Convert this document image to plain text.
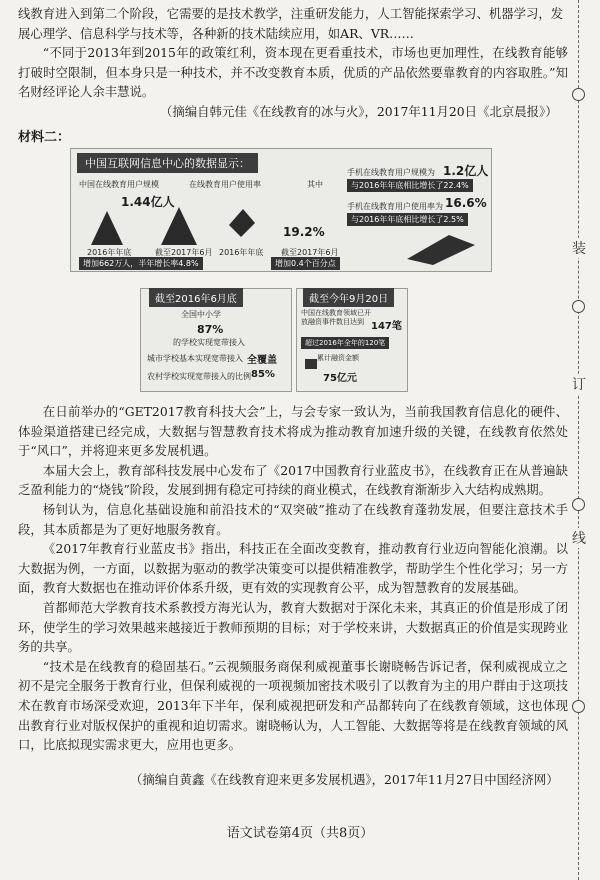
装
订
线

线教育进入到第二个阶段，它需要的是技术教学，注重研发能力，人工智能探索学习、机器学习，发

展心理学、信息科学与技术等，各种新的技术陆续应用，如AR、VR……

“不同于2013年到2015年的政策红利，资本现在更看重技术，市场也更加理性，在线教育能够打破时空限制，但本身只是一种技术，并不改变教育本质，优质的产品依然要靠教育的内容取胜。”知名财经评论人余丰慧说。

（摘编自韩元佳《在线教育的冰与火》，2017年11月20日《北京晨报》）
材料二：
中国互联网信息中心的数据显示：
中国在线教育用户规模
1.44亿人
2016年年底	截至2017年6月
增加662万人，半年增长率4.8%
在线教育用户使用率	其中
19.2%
2016年年底 截至2017年6月
增加0.4个百分点
手机在线教育用户规模为 1.2亿人
与2016年年底相比增长了22.4%
手机在线教育用户使用率为 16.6%
与2016年年底相比增长了2.5%
截至2016年6月底
全国中小学
87%
的学校实现宽带接入
城市学校基本实现宽带接入 全覆盖
农村学校实现宽带接入的比例 85%
截至今年9月20日
中国在线教育领域已开放融资事件数目达到 147笔
超过2016年全年的120笔
累计融资金额
75亿元

在日前举办的“GET2017教育科技大会”上，与会专家一致认为，当前我国教育信息化的硬件、体验渠道搭建已经完成，大数据与智慧教育技术将成为推动教育加速升级的关键，在线教育依然处于“风口”，并将迎来更多发展机遇。

本届大会上，教育部科技发展中心发布了《2017中国教育行业蓝皮书》，在线教育正在从普遍缺乏盈利能力的“烧钱”阶段，发展到拥有稳定可持续的商业模式，在线教育渐渐步入大结构成熟期。

杨钊认为，信息化基础设施和前沿技术的“双突破”推动了在线教育蓬勃发展，但要注意技术手段，其本质都是为了更好地服务教育。

《2017年教育行业蓝皮书》指出，科技正在全面改变教育，推动教育行业迈向智能化浪潮。以大数据为例，一方面，以数据为驱动的教学决策变可以提供精准教学，帮助学生个性化学习；另一方面，教育大数据也在推动评价体系升级，更有效的实现教育公平，成为智慧教育的发展基础。

首都师范大学教育技术系教授方海光认为，教育大数据对于深化未来，其真正的价值是形成了闭环，使学生的学习效果越来越接近于教师预期的目标；对于学校来讲，大数据真正的价值是实现跨业务的共享。

“技术是在线教育的稳固基石。”云视频服务商保利威视董事长谢晓畅告诉记者，保利威视成立之初不是完全服务于教育行业，但保利威视的一项视频加密技术吸引了以教育为主的用户群由于这项技术在教育市场深受欢迎，2013年下半年，保利威视把研发和产品都转向了在线教育领域，这也体现出教育行业对版权保护的重视和迫切需求。谢晓畅认为，人工智能、大数据等将是在线教育领域的风口，比底拟现实需求更大，应用也更多。

（摘编自黄鑫《在线教育迎来更多发展机遇》，2017年11月27日中国经济网）
语文试卷第4页（共8页）
